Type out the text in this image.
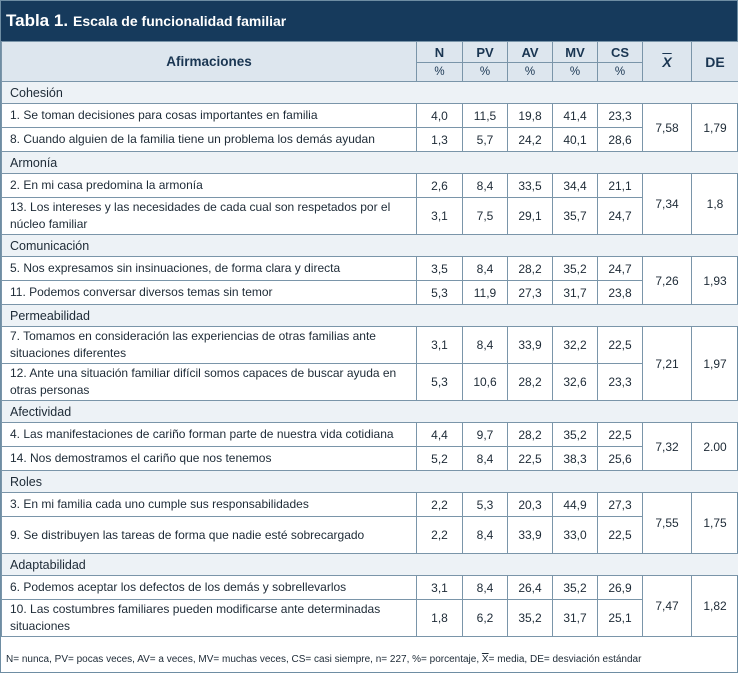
Tabla 1. Escala de funcionalidad familiar
Afirmaciones	N	PV	AV	MV	CS	$\overline{X}$	DE
	%	%	%	%	%		
Cohesión							
1. Se toman decisiones para cosas importantes en familia	4,0	11,5	19,8	41,4	23,3	7,58	1,79
8. Cuando alguien de la familia tiene un problema los demás ayudan	1,3	5,7	24,2	40,1	28,6		
Armonía							
2. En mi casa predomina la armonía	2,6	8,4	33,5	34,4	21,1	7,34	1,8
13. Los intereses y las necesidades de cada cual son respetados por el núcleo familiar	3,1	7,5	29,1	35,7	24,7		
Comunicación							
5. Nos expresamos sin insinuaciones, de forma clara y directa	3,5	8,4	28,2	35,2	24,7	7,26	1,93
11. Podemos conversar diversos temas sin temor	5,3	11,9	27,3	31,7	23,8		
Permeabilidad							
7. Tomamos en consideración las experiencias de otras familias ante situaciones diferentes	3,1	8,4	33,9	32,2	22,5	7,21	1,97
12. Ante una situación familiar difícil somos capaces de buscar ayuda en otras personas	5,3	10,6	28,2	32,6	23,3		
Afectividad							
4. Las manifestaciones de cariño forman parte de nuestra vida cotidiana	4,4	9,7	28,2	35,2	22,5	7,32	2.00
14. Nos demostramos el cariño que nos tenemos	5,2	8,4	22,5	38,3	25,6		
Roles							
3. En mi familia cada uno cumple sus responsabilidades	2,2	5,3	20,3	44,9	27,3	7,55	1,75
9. Se distribuyen las tareas de forma que nadie esté sobrecargado	2,2	8,4	33,9	33,0	22,5		
Adaptabilidad							
6. Podemos aceptar los defectos de los demás y sobrellevarlos	3,1	8,4	26,4	35,2	26,9	7,47	1,82
10. Las costumbres familiares pueden modificarse ante determinadas situaciones	1,8	6,2	35,2	31,7	25,1		
N= nunca, PV= pocas veces, AV= a veces, MV= muchas veces, CS= casi siempre, n= 227, %= porcentaje, $\overline{X}=$ media, DE= desviación estándar
